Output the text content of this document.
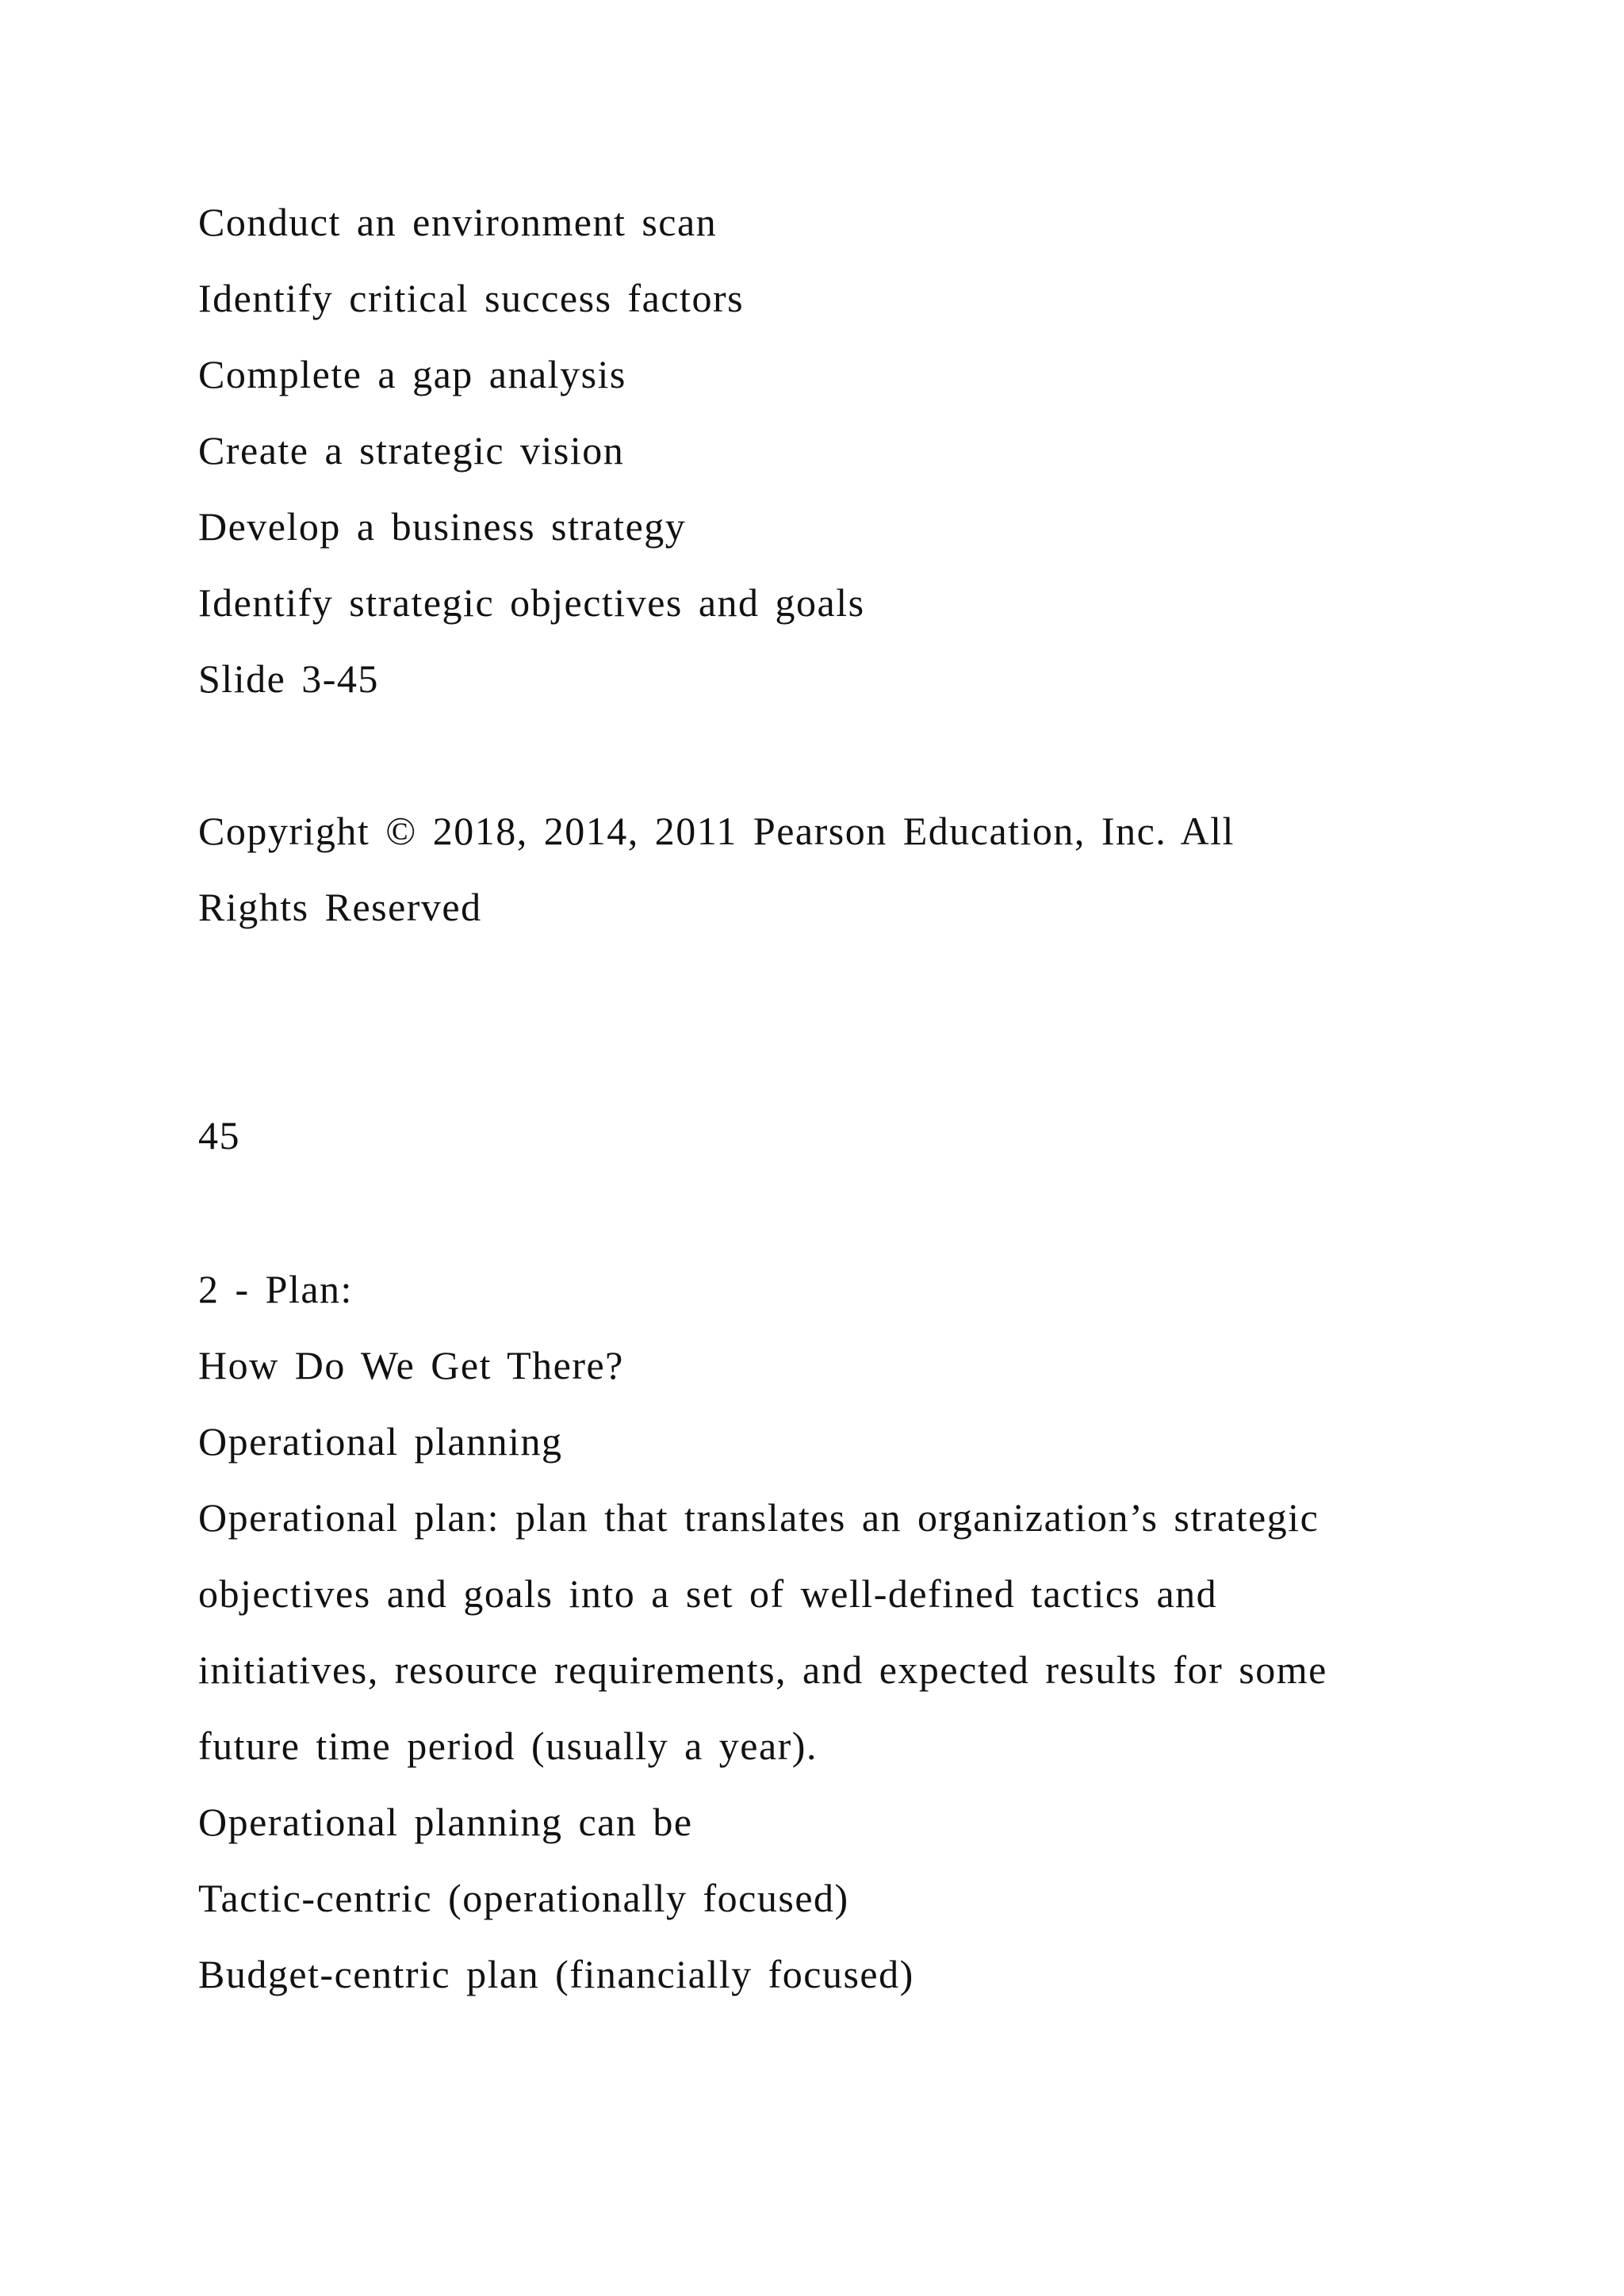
Conduct an environment scan
Identify critical success factors
Complete a gap analysis
Create a strategic vision
Develop a business strategy
Identify strategic objectives and goals
Slide 3-45
Copyright © 2018, 2014, 2011 Pearson Education, Inc. All
Rights Reserved
45
2 - Plan:
How Do We Get There?
Operational planning
Operational plan: plan that translates an organization’s strategic
objectives and goals into a set of well-defined tactics and
initiatives, resource requirements, and expected results for some
future time period (usually a year).
Operational planning can be
Tactic-centric (operationally focused)
Budget-centric plan (financially focused)
